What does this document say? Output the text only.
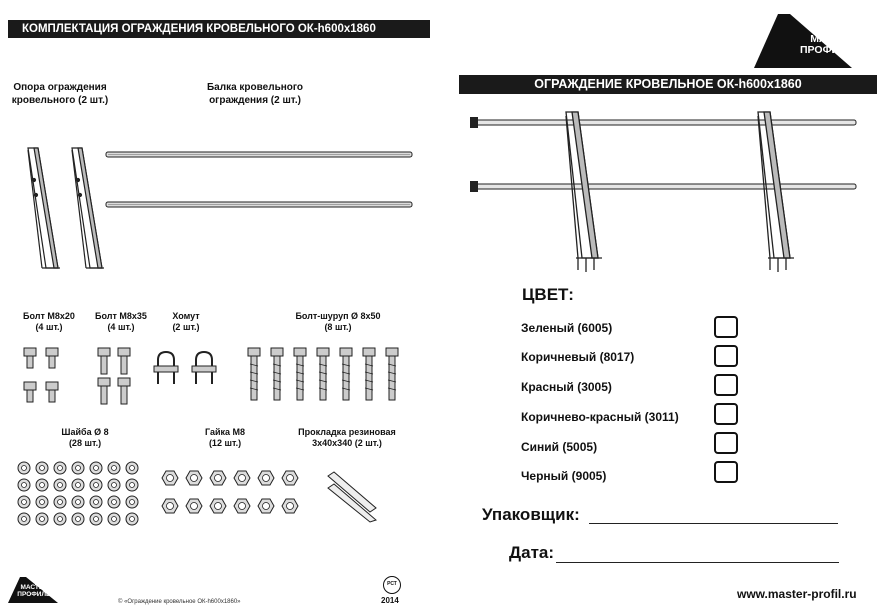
КОМПЛЕКТАЦИЯ ОГРАЖДЕНИЯ КРОВЕЛЬНОГО ОК-h600x1860
МАСТЕР
ПРОФИЛЬ
ОГРАЖДЕНИЕ КРОВЕЛЬНОЕ ОК-h600x1860
Опора ограждения
кровельного (2 шт.)
Балка кровельного
ограждения (2 шт.)
Болт М8х20
(4 шт.)
Болт М8х35
(4 шт.)
Хомут
(2 шт.)
Болт-шуруп Ø 8х50
(8 шт.)
Шайба Ø 8
(28 шт.)
Гайка М8
(12 шт.)
Прокладка резиновая
3х40х340 (2 шт.)
ЦВЕТ:
Зеленый (6005)
Коричневый (8017)
Красный (3005)
Коричнево-красный (3011)
Синий (5005)
Черный (9005)
Упаковщик:
Дата:
МАСТЕР
ПРОФИЛЬ
© «Ограждение кровельное ОК-h600x1860»
РСТ
2014	www.master-profil.ru
